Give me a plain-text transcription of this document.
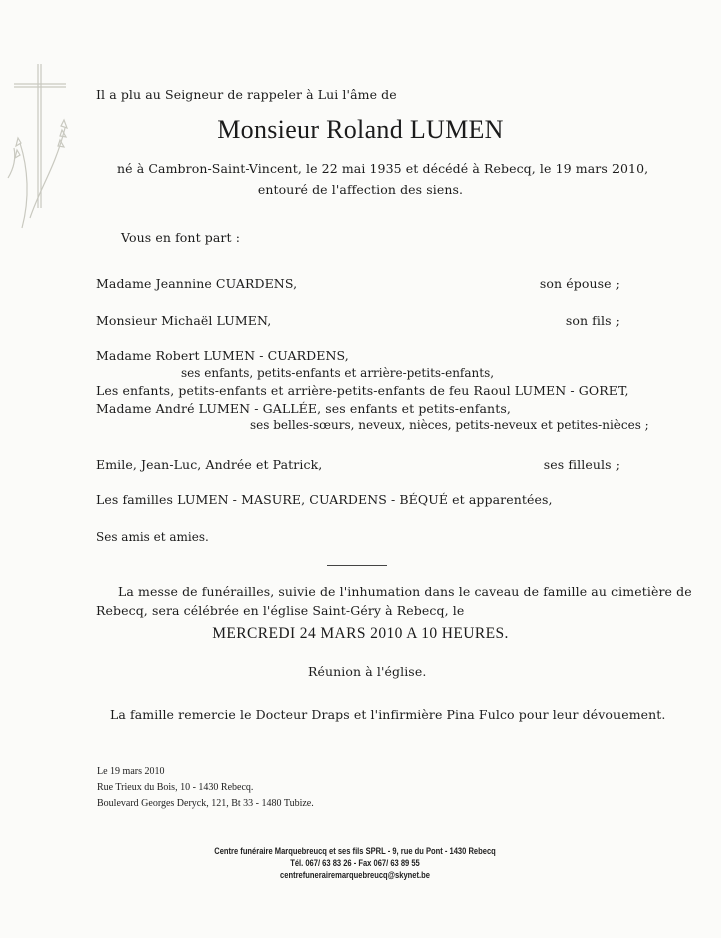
Il a plu au Seigneur de rappeler à Lui l'âme de
Monsieur Roland LUMEN
né à Cambron-Saint-Vincent, le 22 mai 1935 et décédé à Rebecq, le 19 mars 2010,
entouré de l'affection des siens.
Vous en font part :
Madame Jeannine CUARDENS,	son épouse ;
Monsieur Michaël LUMEN,	son fils ;
Madame Robert LUMEN - CUARDENS,
ses enfants, petits-enfants et arrière-petits-enfants,
Les enfants, petits-enfants et arrière-petits-enfants de feu Raoul LUMEN - GORET,
Madame André LUMEN - GALLÉE, ses enfants et petits-enfants,
ses belles-sœurs, neveux, nièces, petits-neveux et petites-nièces ;
Emile, Jean-Luc, Andrée et Patrick,	ses filleuls ;
Les familles LUMEN - MASURE, CUARDENS - BÉQUÉ et apparentées,
Ses amis et amies.
La messe de funérailles, suivie de l'inhumation dans le caveau de famille au cimetière de
Rebecq, sera célébrée en l'église Saint-Géry à Rebecq, le
MERCREDI 24 MARS 2010 A 10 HEURES.
Réunion à l'église.
La famille remercie le Docteur Draps et l'infirmière Pina Fulco pour leur dévouement.
Le 19 mars 2010
Rue Trieux du Bois, 10 - 1430 Rebecq.
Boulevard Georges Deryck, 121, Bt 33 - 1480 Tubize.
Centre funéraire Marquebreucq et ses fils SPRL - 9, rue du Pont - 1430 Rebecq
Tél. 067/ 63 83 26 - Fax 067/ 63 89 55
centrefunerairemarquebreucq@skynet.be
